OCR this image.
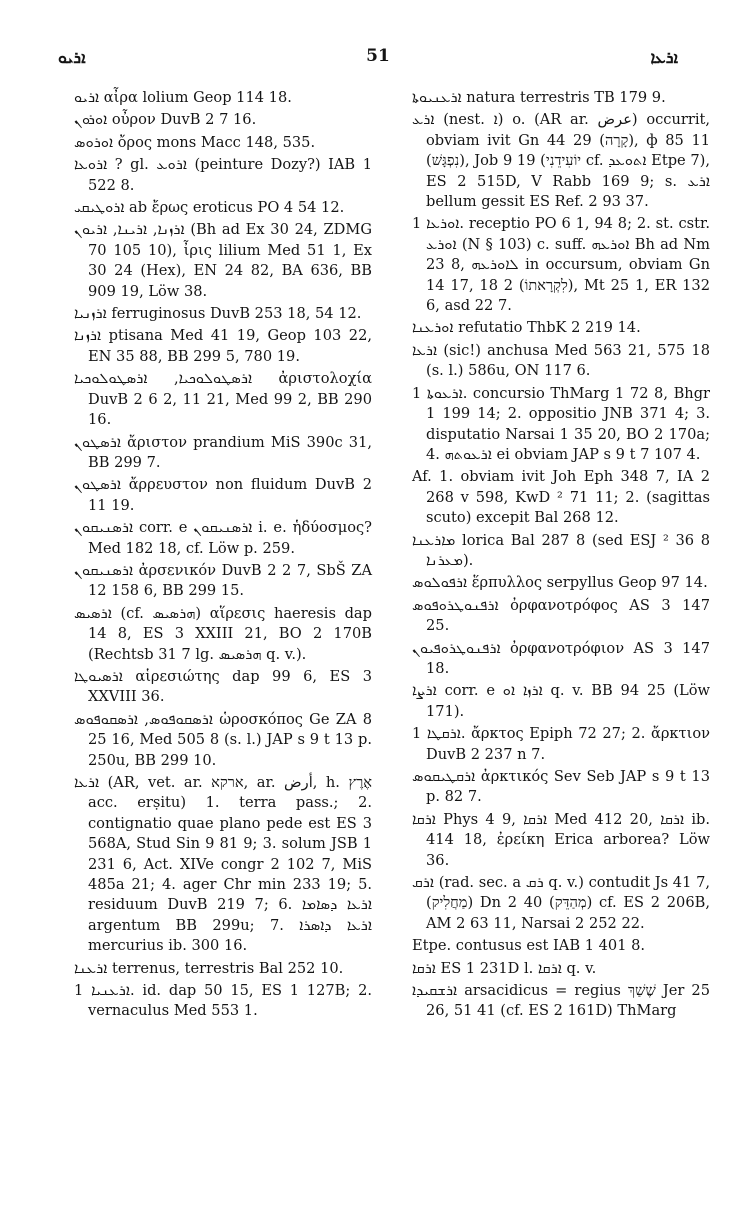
ܐܪܝܘ	51	ܐܪܥܐ

ܐܪܝܘ αἶρα lolium Geop 114 18.

ܐܘܪܘܢ οὖρον DuvB 2 7 16.

ܐܘܪܘܣ ὄρος mons Macc 148, 535.

ܐܪܘܥܐ ? gl. ܐܪܘܥ (peinture Dozy?) IAB 1 522 8.

ܐܪܘܛܝܩܝ ab ἔρως eroticus PO 4 54 12.

ܐܪܙܢܐ, ܐܪܝܢܐ, ܐܪܝܘܢ (Bh ad Ex 30 24, ZDMG 70 105 10), ἶρις lilium Med 51 1, Ex 30 24 (Hex), EN 24 82, BA 636, BB 909 19, Löw 38.

ܐܪܙܢܝܐ ferruginosus DuvB 253 18, 54 12.

ܐܪܙܢܐ ptisana Med 41 19, Geop 103 22, EN 35 88, BB 299 5, 780 19.

ܐܪܣܛܘܠܘܟܝܐ, ܐܪܣܛܘܠܘܟܝܐ ἀριστολοχία DuvB 2 6 2, 11 21, Med 99 2, BB 290 16.

ܐܪܣܛܘܢ ἄριστον prandium MiS 390c 31, BB 299 7.

ܐܪܣܛܘܢ ἄρρευστον non fluidum DuvB 2 11 19.

ܐܪܣܢܝܩܘܢ corr. e ܐܪܣܢܝܩܘܢ i. e. ἡδύοσμος? Med 182 18, cf. Löw p. 259.

ܐܪܣܢܝܩܘܢ ἀρσενικόν DuvB 2 2 7, SbŠ ZA 12 158 6, BB 299 15.

ܐܪܣܝܣ (cf. ܗܪܣܝܣ) αἵρεσις haeresis dap 14 8, ES 3 XXIII 21, BO 2 170B (Rechtsb 31 7 lg. ܗܪܣܝܣ q. v.).

ܐܪܣܝܘܛܐ αἱρεσιώτης dap 99 6, ES 3 XXVIII 36.

ܐܪܣܩܘܦܘܣ, ܐܪܣܩܘܦܘܣ ὡροσκόπος Ge ZA 8 25 16, Med 505 8 (s. l.) JAP s 9 t 13 p. 250u, BB 299 10.

ܐܪܥܐ (AR, vet. ar. ארקא, ar. أرض, h. אֶרֶץ acc. erṣitu) 1. terra pass.; 2. contignatio quae plano pede est ES 3 568A, Stud Sin 9 81 9; 3. solum JSB 1 231 6, Act. XIVe congr 2 102 7, MiS 485a 21; 4. ager Chr min 233 19; 5. residuum DuvB 219 7; 6. ܐܪܥܐ ܕܣܐܡܐ argentum BB 299u; 7. ܐܪܥܐ ܕܐܣܪܐ mercurius ib. 300 16.

ܐܪܥܢܐ terrenus, terrestris Bal 252 10.

ܐܪܥܢܝܐ 1. id. dap 50 15, ES 1 127B; 2. vernaculus Med 553 1.

ܐܪܥܢܝܘܬܐ natura terrestris TB 179 9.

ܐܪܥ (nest. ܐ) o. (AR ar. عرض) occurrit, obviam ivit Gn 44 29 (קָרָה), ф 85 11 (נִפְגָּשׁ), Job 9 19 (יוֹעִידֵנִי cf. ܐܬܘܥܕ Etpe 7), ES 2 515D, V Rabb 169 9; s. ܐܪܥ bellum gessit ES Ref. 2 93 37.

ܐܘܪܥܐ 1. receptio PO 6 1, 94 8; 2. st. cstr. ܐܘܪܥ (N § 103) c. suff. ܐܘܪܥܗ Bh ad Nm 23 8, ܠܐܘܪܥܗ in occursum, obviam Gn 14 17, 18 2 (לִקְרָאתוֹ), Mt 25 1, ER 132 6, asd 22 7.

ܐܘܪܥܢܐ refutatio ThbK 2 219 14.

ܐܪܥܐ (sic!) anchusa Med 563 21, 575 18 (s. l.) 586u, ON 117 6.

ܐܪܥܘܬܐ 1. concursio ThMarg 1 72 8, Bhgr 1 199 14; 2. oppositio JNB 371 4; 3. disputatio Narsai 1 35 20, BO 2 170a; 4. ܐܪܥܘܬܗ ei obviam JAP s 9 t 7 107 4.

Af. 1. obviam ivit Joh Eph 348 7, IA 2 268 v 598, KwD ² 71 11; 2. (sagittas scuto) excepit Bal 268 12.

ܡܐܪܥܢܐ lorica Bal 287 8 (sed ESJ ² 36 8 ܡܥܪܢܐ).

ܐܪܦܘܠܘܣ ἕρπυλλος serpyllus Geop 97 14.

ܐܪܦܢܘܛܪܘܦܘܣ ὀρφανοτρόφος AS 3 147 25.

ܐܪܦܢܘܛܪܘܦܝܘܢ ὀρφανοτρόφιον AS 3 147 18.

ܐܪܨܐ corr. e ܐܪܙܐ ܐܘ q. v. BB 94 25 (Löw 171).

ܐܪܩܛܐ 1. ἄρκτος Epiph 72 27; 2. ἄρκτιον DuvB 2 237 n 7.

ܐܪܩܛܝܩܘܣ ἀρκτικός Sev Seb JAP s 9 t 13 p. 82 7.

ܐܪܩܐ Phys 4 9, ܐܪܩܐ Med 412 20, ܐܪܩܐ ib. 414 18, ἐρείκη Erica arborea? Löw 36.

ܐܪܩ (rad. sec. a ܪܩ q. v.) contudit Js 41 7, (מַחֲלִיק) Dn 2 40 (מְהַדֵּק) cf. ES 2 206B, AM 2 63 11, Narsai 2 252 22.

Etpe. contusus est IAB 1 401 8.

ܐܪܩܐ ES 1 231D l. ܐܪܩܐ q. v.

ܐܪܫܩܝܕܐ arsacidicus = regius שֶׁשַׁךְ Jer 25 26, 51 41 (cf. ES 2 161D) ThMarg
